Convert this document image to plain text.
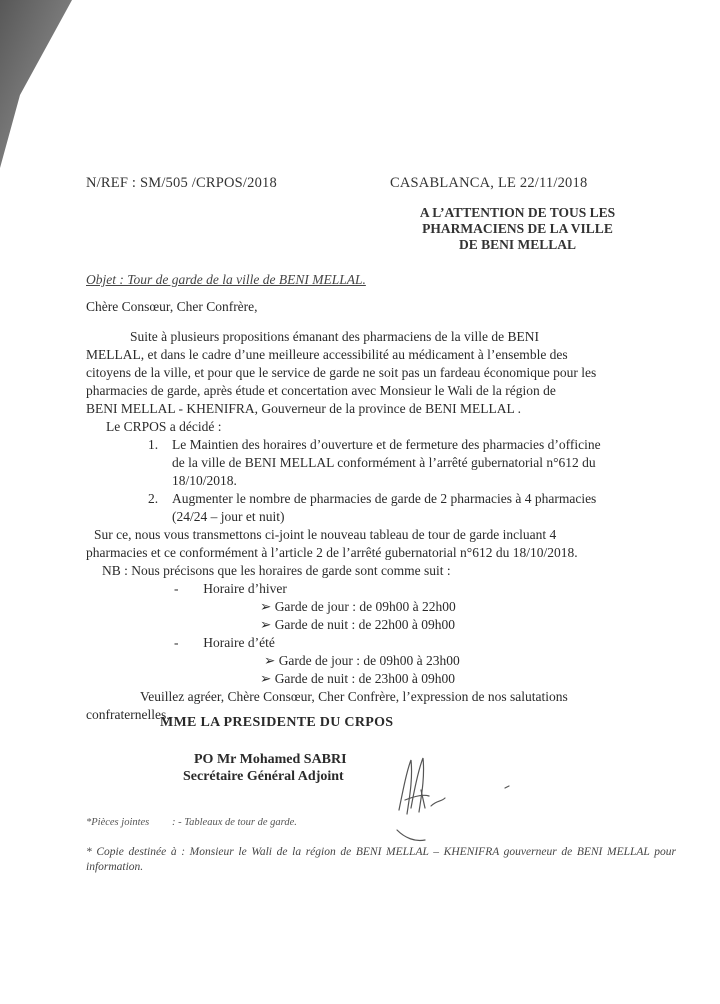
N/REF : SM/505 /CRPOS/2018	CASABLANCA, LE 22/11/2018
A L’ATTENTION DE TOUS LES
PHARMACIENS DE LA VILLE
DE BENI MELLAL
Objet : Tour de garde de la ville de BENI MELLAL.
Chère Consœur, Cher Confrère,

Suite à plusieurs propositions émanant des pharmaciens de la ville de BENI

MELLAL, et dans le cadre d’une meilleure accessibilité au médicament à l’ensemble des

citoyens de la ville, et pour que le service de garde ne soit pas un fardeau économique pour les

pharmacies de garde, après étude et concertation avec Monsieur le Wali de la région de

BENI MELLAL - KHENIFRA, Gouverneur de la province de BENI MELLAL .

Le CRPOS a décidé :

1. Le Maintien des horaires d’ouverture et de fermeture des pharmacies d’officine

de la ville de BENI MELLAL conformément à l’arrêté gubernatorial n°612 du

18/10/2018.

2. Augmenter le nombre de pharmacies de garde de 2 pharmacies à 4 pharmacies

(24/24 – jour et nuit)

Sur ce, nous vous transmettons ci-joint le nouveau tableau de tour de garde incluant 4

pharmacies et ce conformément à l’article 2 de l’arrêté gubernatorial n°612 du 18/10/2018.

NB : Nous précisons que les horaires de garde sont comme suit :

- Horaire d’hiver

➢ Garde de jour : de 09h00 à 22h00

➢ Garde de nuit : de 22h00 à 09h00

- Horaire d’été

➢ Garde de jour : de 09h00 à 23h00

➢ Garde de nuit : de 23h00 à 09h00

Veuillez agréer, Chère Consœur, Cher Confrère, l’expression de nos salutations

confraternelles.

MME LA PRESIDENTE DU CRPOS
PO Mr Mohamed SABRI
Secrétaire Général Adjoint
*Pièces jointes : - Tableaux de tour de garde.
* Copie destinée à : Monsieur le Wali de la région de BENI MELLAL – KHENIFRA gouverneur de BENI MELLAL pour information.
